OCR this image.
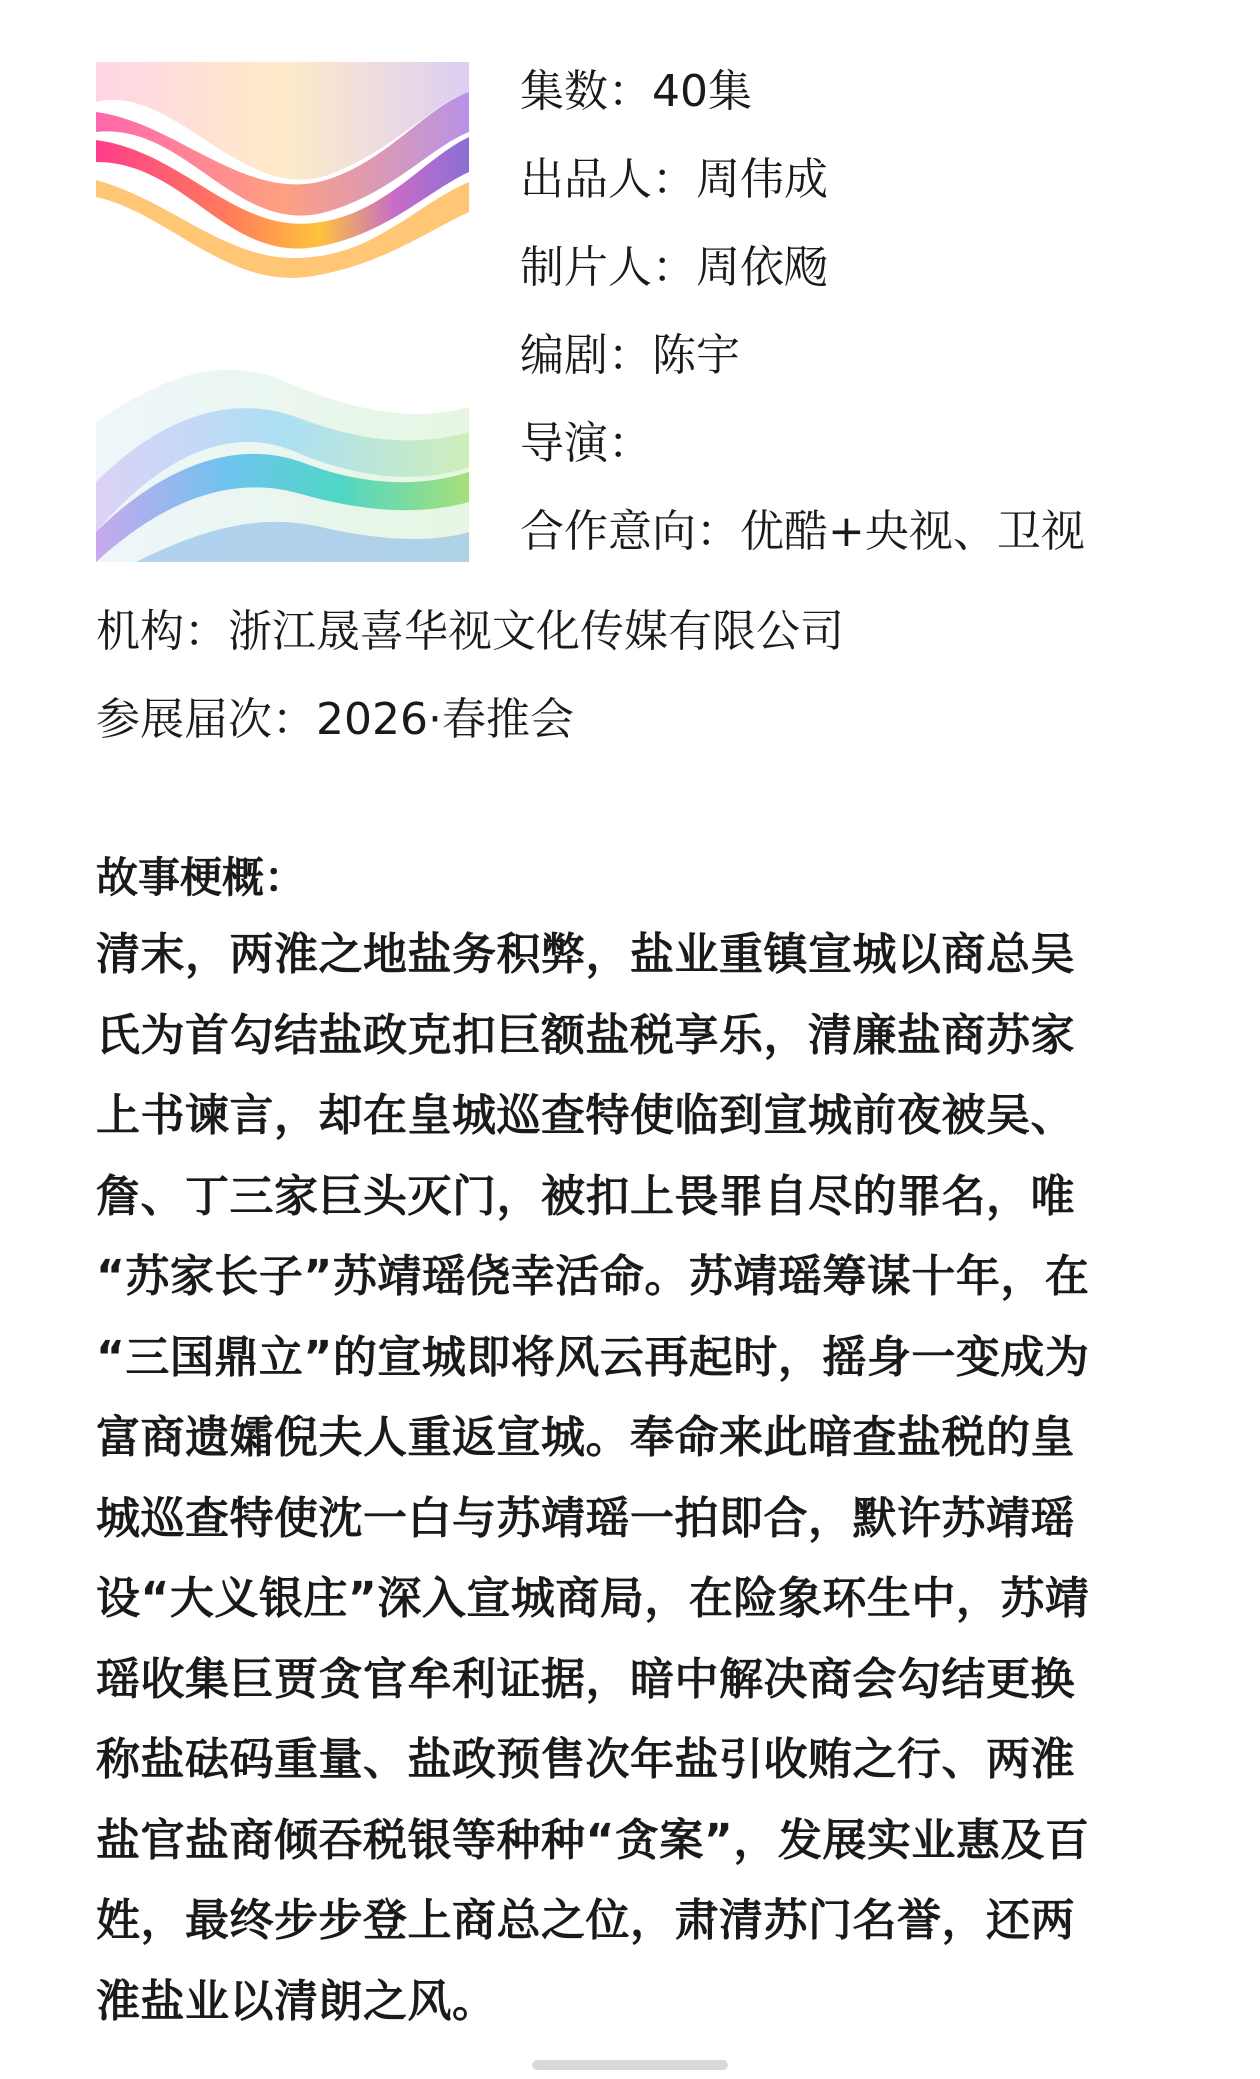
集数：40集
出品人：周伟成
制片人：周依飏
编剧：陈宇
导演：
合作意向：优酷+央视、卫视
机构：浙江晟喜华视文化传媒有限公司
参展届次：2026·春推会
故事梗概：
清末，两淮之地盐务积弊，盐业重镇宣城以商总吴
氏为首勾结盐政克扣巨额盐税享乐，清廉盐商苏家
上书谏言，却在皇城巡查特使临到宣城前夜被吴、
詹、丁三家巨头灭门，被扣上畏罪自尽的罪名，唯
“苏家长子”苏靖瑶侥幸活命。苏靖瑶筹谋十年，在
“三国鼎立”的宣城即将风云再起时，摇身一变成为
富商遗孀倪夫人重返宣城。奉命来此暗查盐税的皇
城巡查特使沈一白与苏靖瑶一拍即合，默许苏靖瑶
设“大义银庄”深入宣城商局，在险象环生中，苏靖
瑶收集巨贾贪官牟利证据，暗中解决商会勾结更换
称盐砝码重量、盐政预售次年盐引收贿之行、两淮
盐官盐商倾吞税银等种种“贪案”，发展实业惠及百
姓，最终步步登上商总之位，肃清苏门名誉，还两
淮盐业以清朗之风。
